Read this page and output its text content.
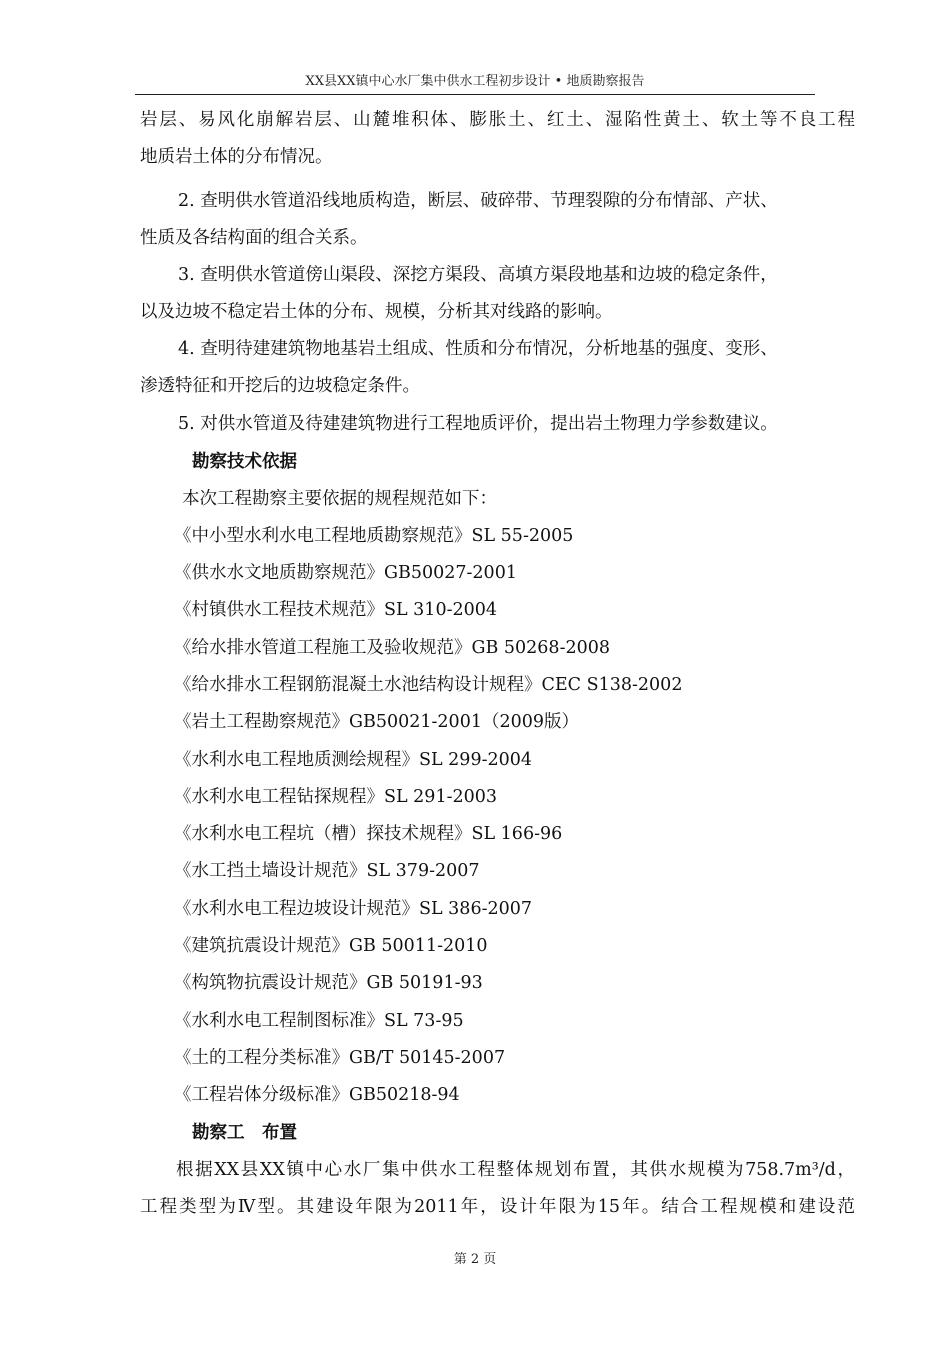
XX县XX镇中心水厂集中供水工程初步设计 • 地质勘察报告
岩层、易风化崩解岩层、山麓堆积体、膨胀土、红土、湿陷性黄土、软土等不良工程
地质岩土体的分布情况。
2. 查明供水管道沿线地质构造，断层、破碎带、节理裂隙的分布情部、产状、
性质及各结构面的组合关系。
3. 查明供水管道傍山渠段、深挖方渠段、高填方渠段地基和边坡的稳定条件，
以及边坡不稳定岩土体的分布、规模，分析其对线路的影响。
4. 查明待建建筑物地基岩土组成、性质和分布情况，分析地基的强度、变形、
渗透特征和开挖后的边坡稳定条件。
5. 对供水管道及待建建筑物进行工程地质评价，提出岩土物理力学参数建议。
勘察技术依据
本次工程勘察主要依据的规程规范如下：
《中小型水利水电工程地质勘察规范》SL 55-2005
《供水水文地质勘察规范》GB50027-2001
《村镇供水工程技术规范》SL 310-2004
《给水排水管道工程施工及验收规范》GB 50268-2008
《给水排水工程钢筋混凝土水池结构设计规程》CEC S138-2002
《岩土工程勘察规范》GB50021-2001（2009版）
《水利水电工程地质测绘规程》SL 299-2004
《水利水电工程钻探规程》SL 291-2003
《水利水电工程坑（槽）探技术规程》SL 166-96
《水工挡土墙设计规范》SL 379-2007
《水利水电工程边坡设计规范》SL 386-2007
《建筑抗震设计规范》GB 50011-2010
《构筑物抗震设计规范》GB 50191-93
《水利水电工程制图标准》SL 73-95
《土的工程分类标准》GB/T 50145-2007
《工程岩体分级标准》GB50218-94
勘察工　布置
根据XX县XX镇中心水厂集中供水工程整体规划布置，其供水规模为758.7m³/d，
工程类型为Ⅳ型。其建设年限为2011年，设计年限为15年。结合工程规模和建设范
第 2 页
